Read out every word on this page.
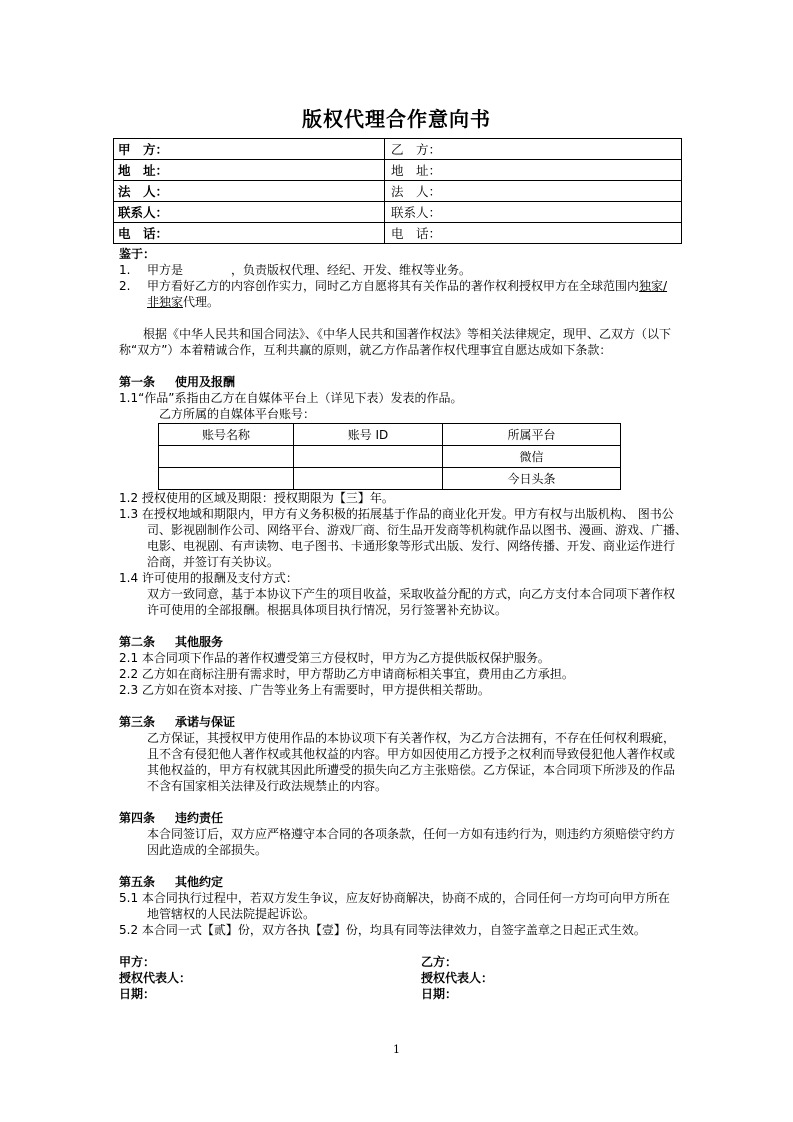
版权代理合作意向书
甲　方：	乙　方：
地　址：	地　址：
法　人：	法　人：
联系人：	联系人：
电　话：	电　话：
鉴于：
1. 甲方是　　　　，负责版权代理、经纪、开发、维权等业务。
2. 甲方看好乙方的内容创作实力，同时乙方自愿将其有关作品的著作权利授权甲方在全球范围内独家/
非独家代理。
根据《中华人民共和国合同法》、《中华人民共和国著作权法》等相关法律规定，现甲、乙双方（以下
称“双方”）本着精诚合作，互利共赢的原则，就乙方作品著作权代理事宜自愿达成如下条款：
第一条 使用及报酬
1.1“作品”系指由乙方在自媒体平台上（详见下表）发表的作品。
乙方所属的自媒体平台账号：
账号名称	账号 ID	所属平台
		微信
		今日头条
1.2 授权使用的区域及期限：授权期限为【三】年。
1.3 在授权地域和期限内，甲方有义务积极的拓展基于作品的商业化开发。甲方有权与出版机构、 图书公
司、影视剧制作公司、网络平台、游戏厂商、衍生品开发商等机构就作品以图书、漫画、游戏、广播、
电影、电视剧、有声读物、电子图书、卡通形象等形式出版、发行、网络传播、开发、商业运作进行
洽商，并签订有关协议。
1.4 许可使用的报酬及支付方式：
双方一致同意，基于本协议下产生的项目收益，采取收益分配的方式，向乙方支付本合同项下著作权
许可使用的全部报酬。根据具体项目执行情况，另行签署补充协议。
第二条 其他服务
2.1 本合同项下作品的著作权遭受第三方侵权时，甲方为乙方提供版权保护服务。
2.2 乙方如在商标注册有需求时，甲方帮助乙方申请商标相关事宜，费用由乙方承担。
2.3 乙方如在资本对接、广告等业务上有需要时，甲方提供相关帮助。
第三条 承诺与保证
乙方保证，其授权甲方使用作品的本协议项下有关著作权，为乙方合法拥有，不存在任何权利瑕疵，
且不含有侵犯他人著作权或其他权益的内容。甲方如因使用乙方授予之权利而导致侵犯他人著作权或
其他权益的，甲方有权就其因此所遭受的损失向乙方主张赔偿。乙方保证，本合同项下所涉及的作品
不含有国家相关法律及行政法规禁止的内容。
第四条 违约责任
本合同签订后，双方应严格遵守本合同的各项条款，任何一方如有违约行为，则违约方须赔偿守约方
因此造成的全部损失。
第五条 其他约定
5.1 本合同执行过程中，若双方发生争议，应友好协商解决，协商不成的，合同任何一方均可向甲方所在
地管辖权的人民法院提起诉讼。
5.2 本合同一式【贰】份，双方各执【壹】份，均具有同等法律效力，自签字盖章之日起正式生效。
甲方：
授权代表人：
日期：
乙方：
授权代表人：
日期：
1
